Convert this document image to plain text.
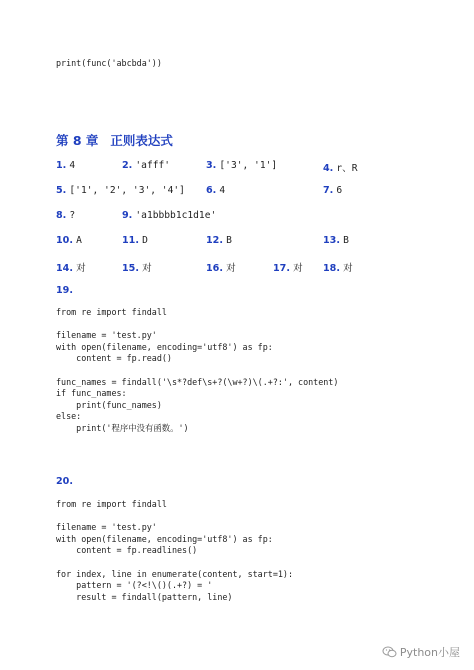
print(func('abcbda'))
第 8 章 正则表达式
1. 4	2. 'afff'	3. ['3', '1']	4. r、R
5. ['1', '2', '3', '4'] 6. 4	7. 6
8. ?	9. 'a1bbbb1c1d1e'
10. A	11. D	12. B	13. B
14. 对	15. 对	16. 对	17. 对 18. 对
19.
from re import findall

filename = 'test.py'
with open(filename, encoding='utf8') as fp:
content = fp.read()

func_names = findall('\s*?def\s+?(\w+?)\(.+?:', content)
if func_names:
print(func_names)
else:
print('程序中没有函数。')
20.
from re import findall

filename = 'test.py'
with open(filename, encoding='utf8') as fp:
content = fp.readlines()

for index, line in enumerate(content, start=1):
pattern = '(?<!\()(.+?) = '
result = findall(pattern, line)
Python小屋
